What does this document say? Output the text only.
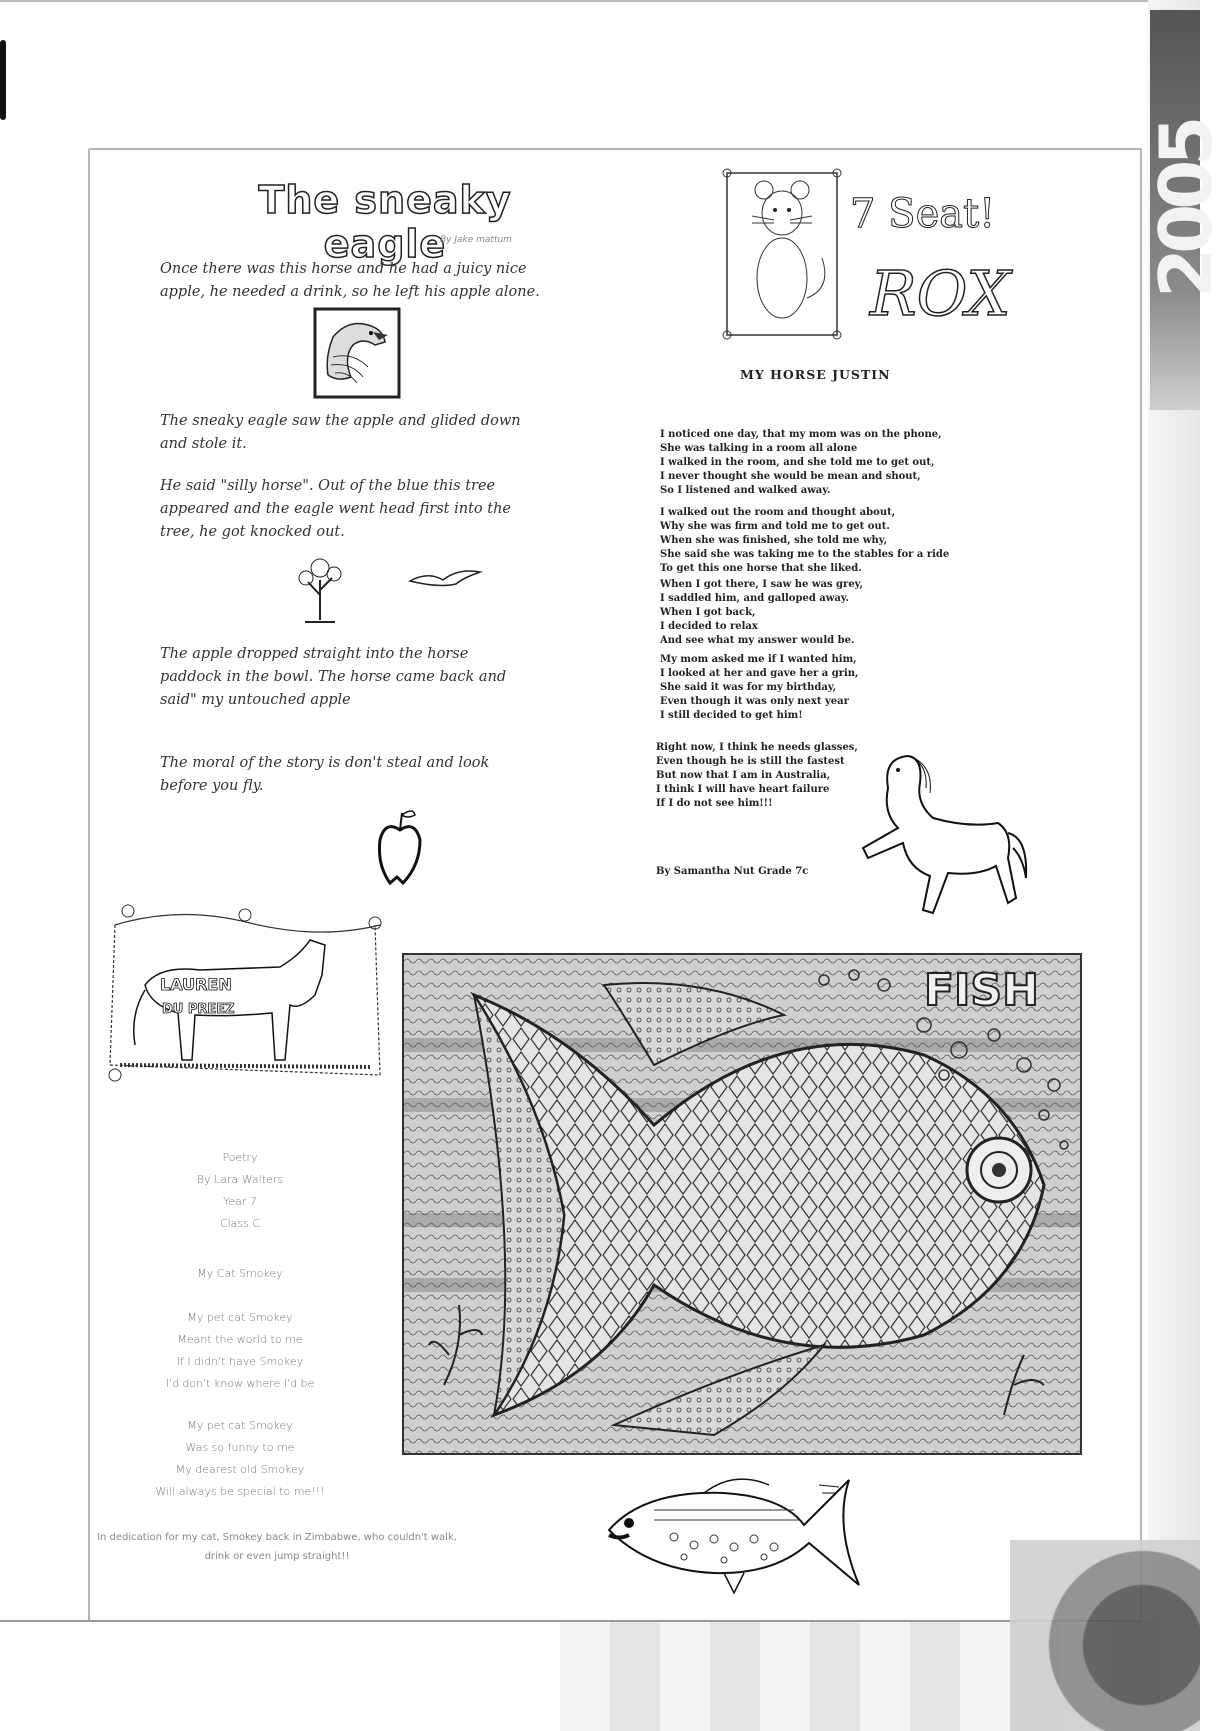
2005
The sneaky eagle
By Jake mattum
Once there was this horse and he had a juicy nice apple, he needed a drink, so he left his apple alone.
The sneaky eagle saw the apple and glided down and stole it.
He said "silly horse". Out of the blue this tree appeared and the eagle went head first into the tree, he got knocked out.
The apple dropped straight into the horse paddock in the bowl. The horse came back and said" my untouched apple
The moral of the story is don't steal and look before you fly.
7 Seat!
ROX
MY HORSE JUSTIN
I noticed one day, that my mom was on the phone,
She was talking in a room all alone
I walked in the room, and she told me to get out,
I never thought she would be mean and shout,
So I listened and walked away.
I walked out the room and thought about,
Why she was firm and told me to get out.
When she was finished, she told me why,
She said she was taking me to the stables for a ride
To get this one horse that she liked.
When I got there, I saw he was grey,
I saddled him, and galloped away.
When I got back,
I decided to relax
And see what my answer would be.
My mom asked me if I wanted him,
I looked at her and gave her a grin,
She said it was for my birthday,
Even though it was only next year
I still decided to get him!
Right now, I think he needs glasses,
Even though he is still the fastest
But now that I am in Australia,
I think I will have heart failure
If I do not see him!!!
By Samantha Nut Grade 7c
LAUREN
DU PREEZ	FISH
Poetry
By Lara Walters
Year 7
Class C
My Cat Smokey
My pet cat Smokey
Meant the world to me
If I didn't have Smokey
I'd don't know where I'd be
My pet cat Smokey
Was so funny to me
My dearest old Smokey
Will always be special to me!!!
In dedication for my cat, Smokey back in Zimbabwe, who couldn't walk, drink or even jump straight!!
